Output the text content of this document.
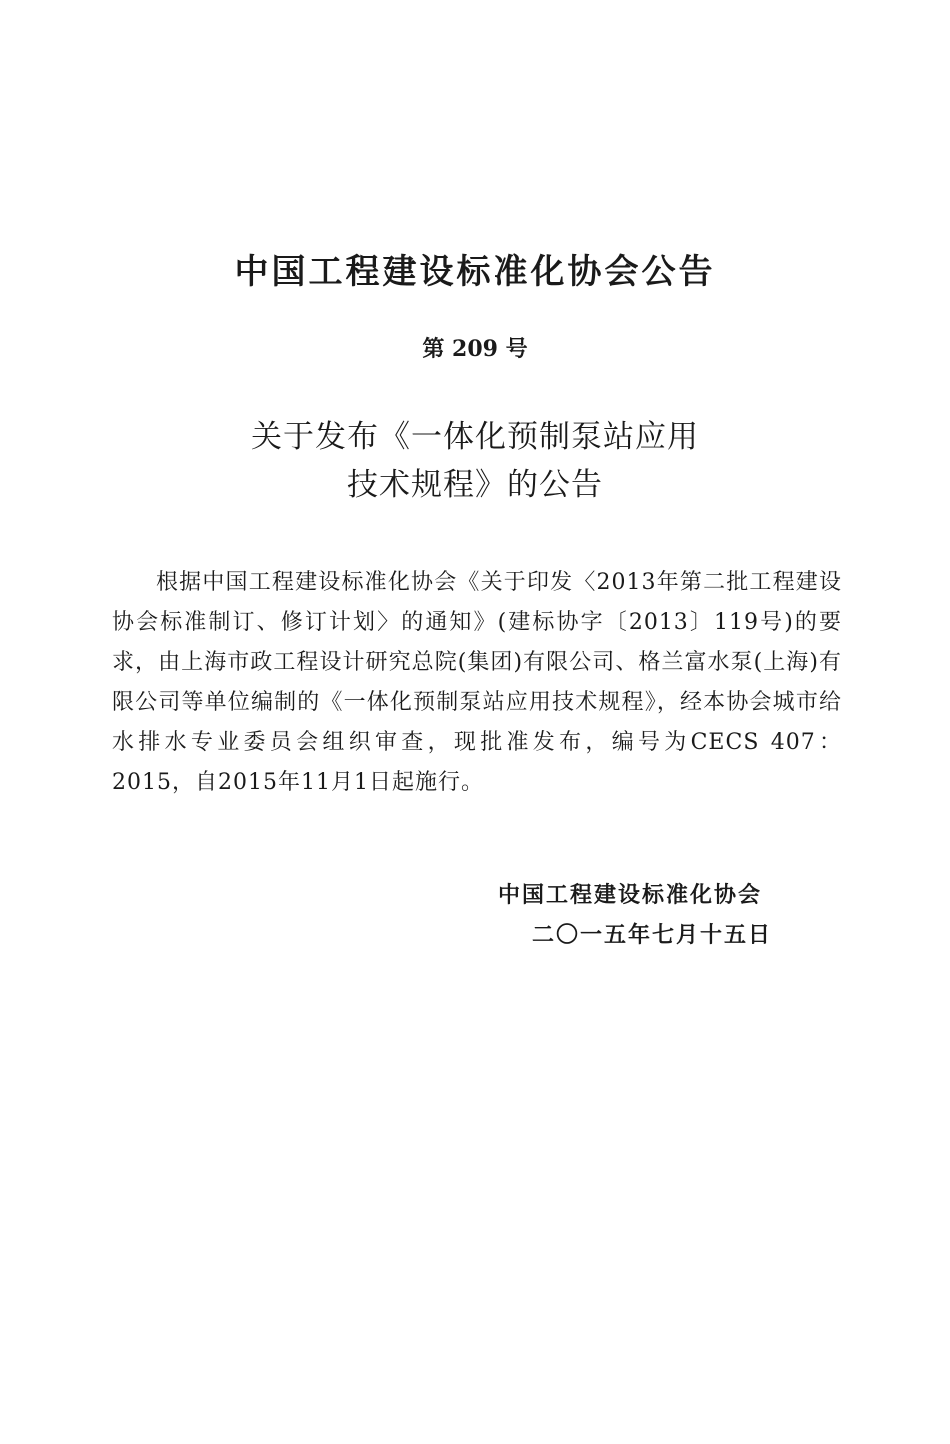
中国工程建设标准化协会公告
第 209 号
关于发布《一体化预制泵站应用
技术规程》的公告

根据中国工程建设标准化协会《关于印发〈2013年第二批工程建设协会标准制订、修订计划〉的通知》(建标协字〔2013〕119号)的要求，由上海市政工程设计研究总院(集团)有限公司、格兰富水泵(上海)有限公司等单位编制的《一体化预制泵站应用技术规程》，经本协会城市给水排水专业委员会组织审查，现批准发布，编号为CECS 407：2015，自2015年11月1日起施行。

中国工程建设标准化协会
二〇一五年七月十五日
